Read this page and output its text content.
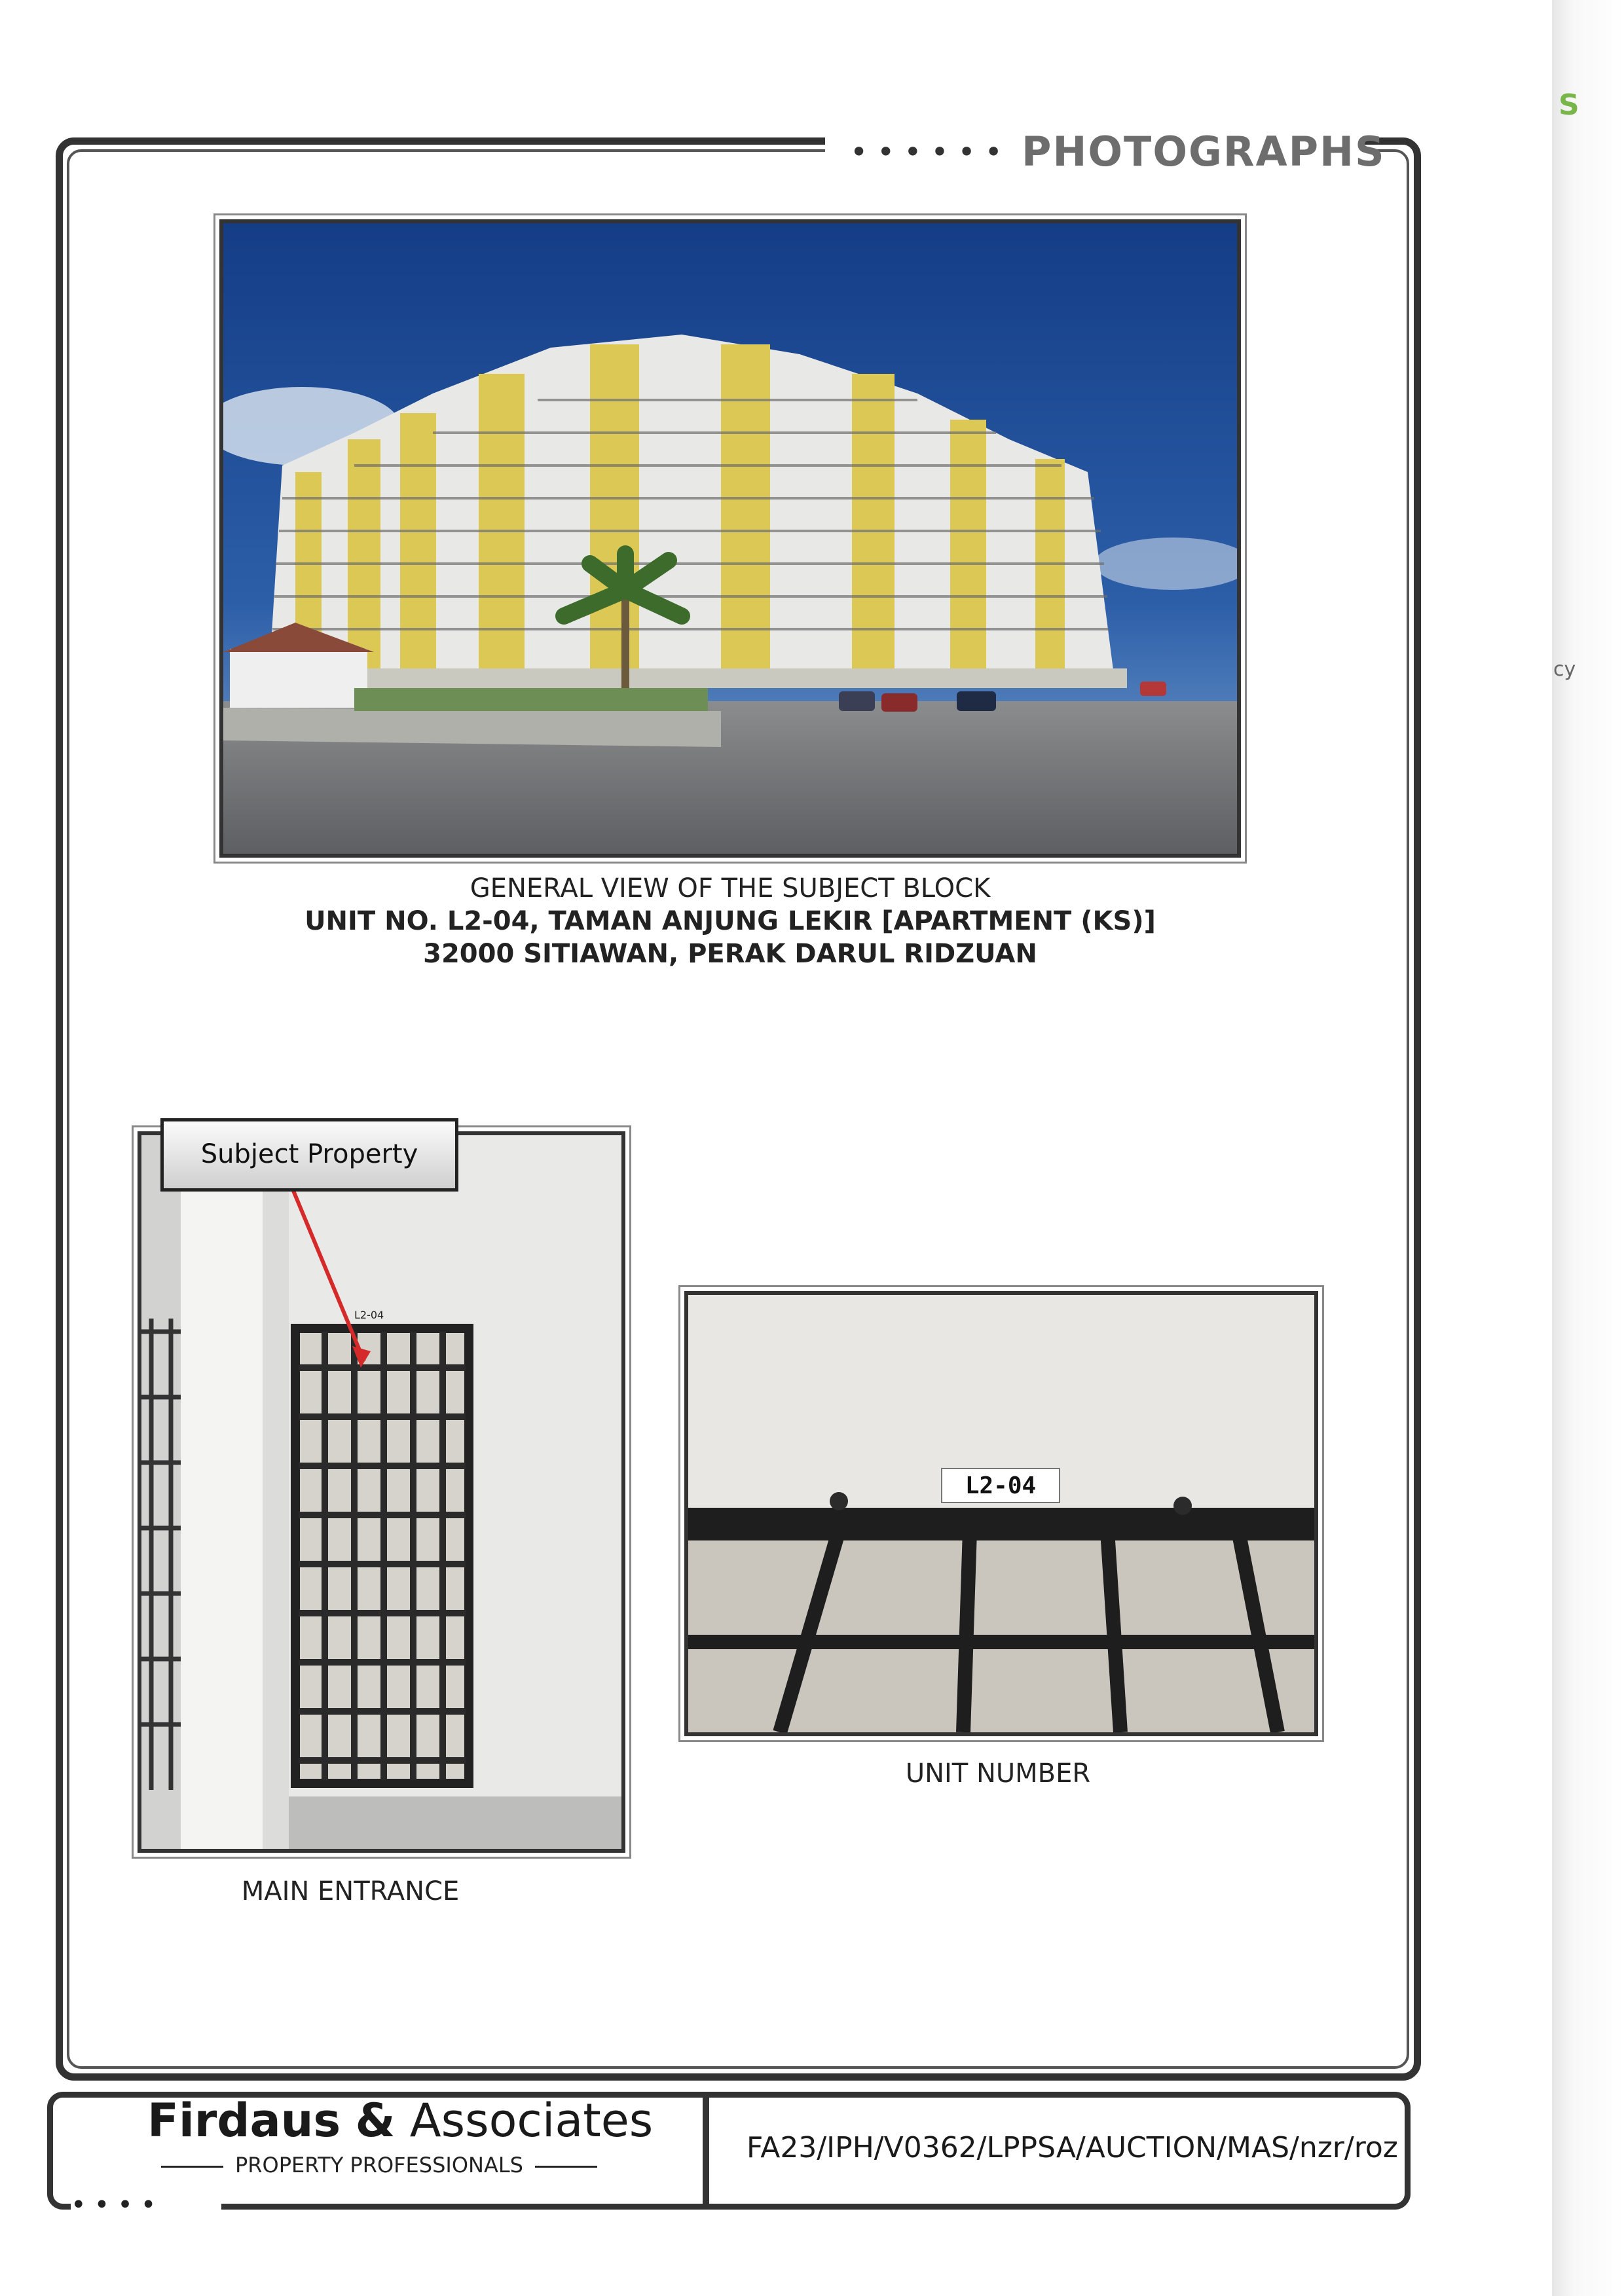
S
cy
•••••• PHOTOGRAPHS
GENERAL VIEW OF THE SUBJECT BLOCK
UNIT NO. L2-04, TAMAN ANJUNG LEKIR [APARTMENT (KS)]
32000 SITIAWAN, PERAK DARUL RIDZUAN
L2-04
Subject Property
MAIN ENTRANCE
L2-04
UNIT NUMBER
Firdaus & Associates
PROPERTY PROFESSIONALS
FA23/IPH/V0362/LPPSA/AUCTION/MAS/nzr/roz
••••
